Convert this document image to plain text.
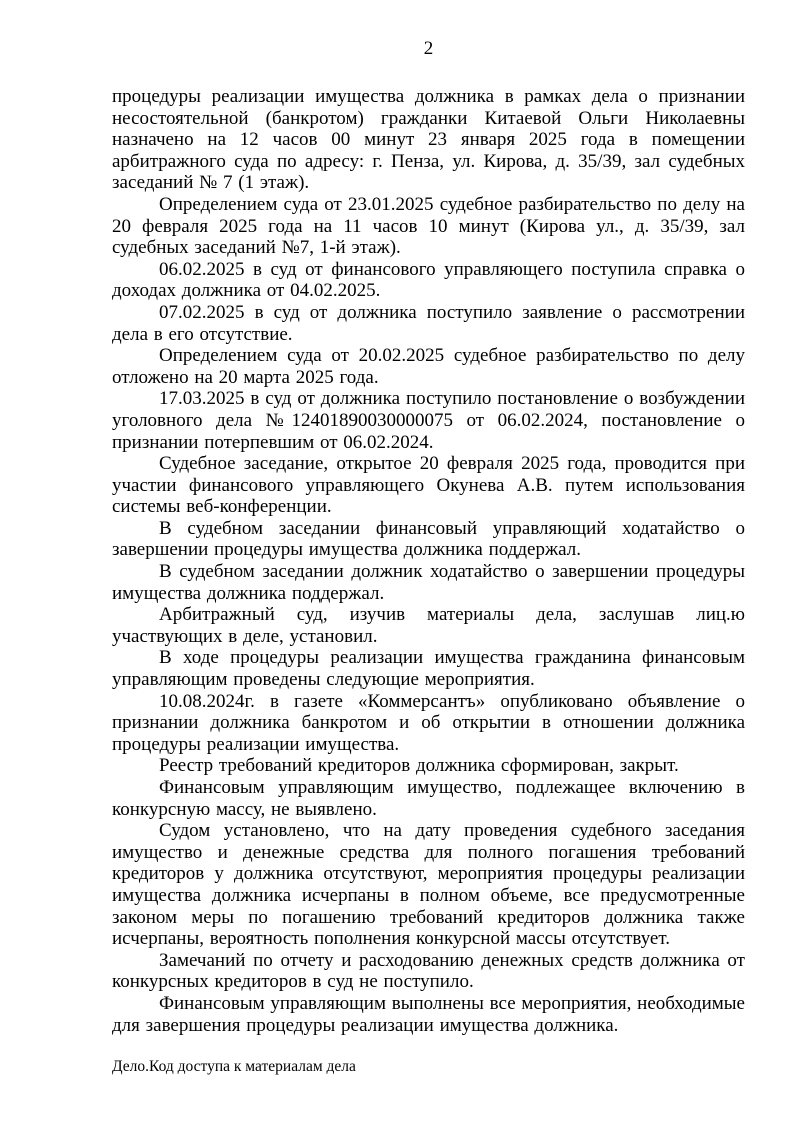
2

процедуры реализации имущества должника в рамках дела о признании несостоятельной (банкротом) гражданки Китаевой Ольги Николаевны назначено на 12 часов 00 минут 23 января 2025 года в помещении арбитражного суда по адресу: г. Пенза, ул. Кирова, д. 35/39, зал судебных заседаний № 7 (1 этаж).

Определением суда от 23.01.2025 судебное разбирательство по делу на 20 февраля 2025 года на 11 часов 10 минут (Кирова ул., д. 35/39, зал судебных заседаний №7, 1-й этаж).

06.02.2025 в суд от финансового управляющего поступила справка о доходах должника от 04.02.2025.

07.02.2025 в суд от должника поступило заявление о рассмотрении дела в его отсутствие.

Определением суда от 20.02.2025 судебное разбирательство по делу отложено на 20 марта 2025 года.

17.03.2025 в суд от должника поступило постановление о возбуждении уголовного дела №12401890030000075 от 06.02.2024, постановление о признании потерпевшим от 06.02.2024.

Судебное заседание, открытое 20 февраля 2025 года, проводится при участии финансового управляющего Окунева А.В. путем использования системы веб-конференции.

В судебном заседании финансовый управляющий ходатайство о завершении процедуры имущества должника поддержал.

В судебном заседании должник ходатайство о завершении процедуры имущества должника поддержал.

Арбитражный суд, изучив материалы дела, заслушав лиц.ю участвующих в деле, установил.

В ходе процедуры реализации имущества гражданина финансовым управляющим проведены следующие мероприятия.

10.08.2024г. в газете «Коммерсантъ» опубликовано объявление о признании должника банкротом и об открытии в отношении должника процедуры реализации имущества.

Реестр требований кредиторов должника сформирован, закрыт.

Финансовым управляющим имущество, подлежащее включению в конкурсную массу, не выявлено.

Судом установлено, что на дату проведения судебного заседания имущество и денежные средства для полного погашения требований кредиторов у должника отсутствуют, мероприятия процедуры реализации имущества должника исчерпаны в полном объеме, все предусмотренные законом меры по погашению требований кредиторов должника также исчерпаны, вероятность пополнения конкурсной массы отсутствует.

Замечаний по отчету и расходованию денежных средств должника от конкурсных кредиторов в суд не поступило.

Финансовым управляющим выполнены все мероприятия, необходимые для завершения процедуры реализации имущества должника.

Дело.Код доступа к материалам дела
